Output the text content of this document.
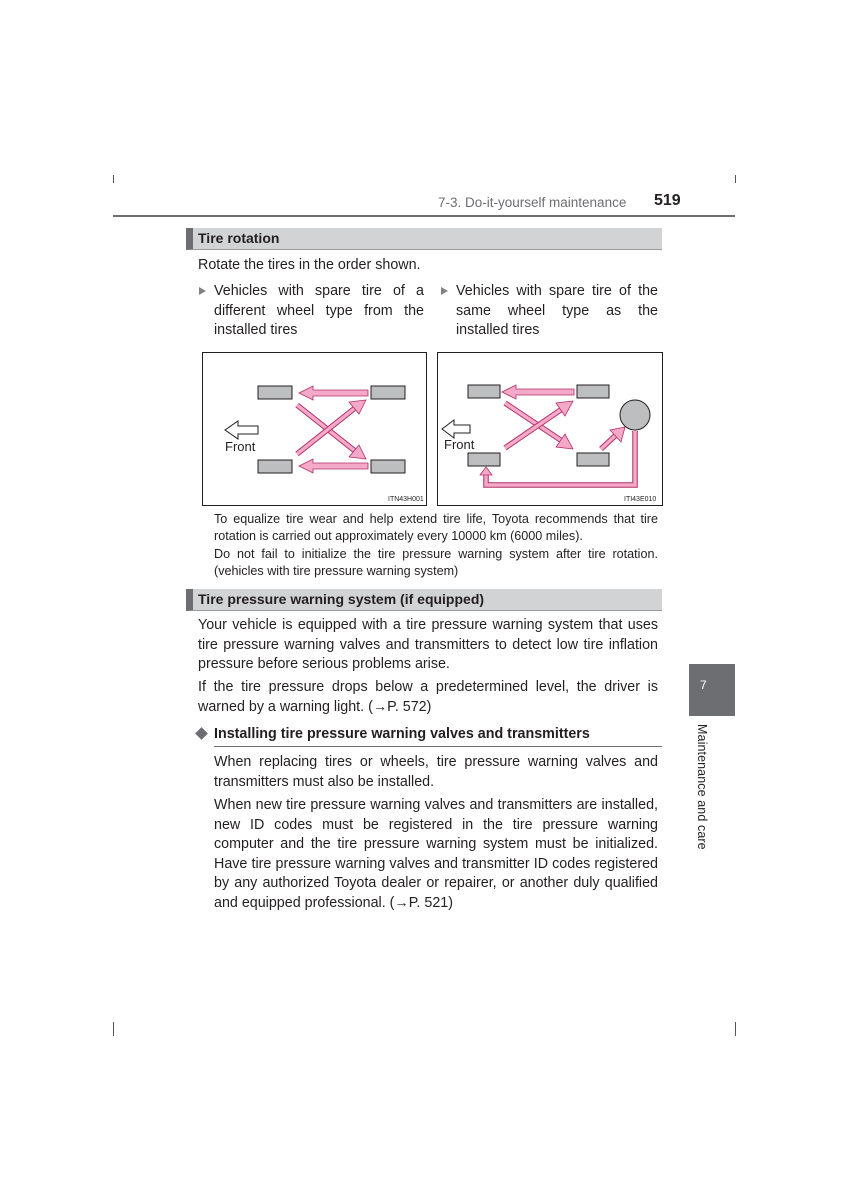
7-3. Do-it-yourself maintenance 519
Tire rotation
Rotate the tires in the order shown.
Vehicles with spare tire of a different wheel type from the installed tires
Vehicles with spare tire of the same wheel type as the installed tires
Front
ITN43H001
Front
ITI43E010
To equalize tire wear and help extend tire life, Toyota recommends that tire rotation is carried out approximately every 10000 km (6000 miles).
Do not fail to initialize the tire pressure warning system after tire rotation. (vehicles with tire pressure warning system)
Tire pressure warning system (if equipped)
Your vehicle is equipped with a tire pressure warning system that uses tire pressure warning valves and transmitters to detect low tire inflation pressure before serious problems arise.
If the tire pressure drops below a predetermined level, the driver is warned by a warning light. (→P. 572)
Installing tire pressure warning valves and transmitters
When replacing tires or wheels, tire pressure warning valves and transmitters must also be installed.
When new tire pressure warning valves and transmitters are installed, new ID codes must be registered in the tire pressure warning computer and the tire pressure warning system must be initialized. Have tire pressure warning valves and transmitter ID codes registered by any authorized Toyota dealer or repairer, or another duly qualified and equipped professional. (→P. 521)
7
Maintenance and care
